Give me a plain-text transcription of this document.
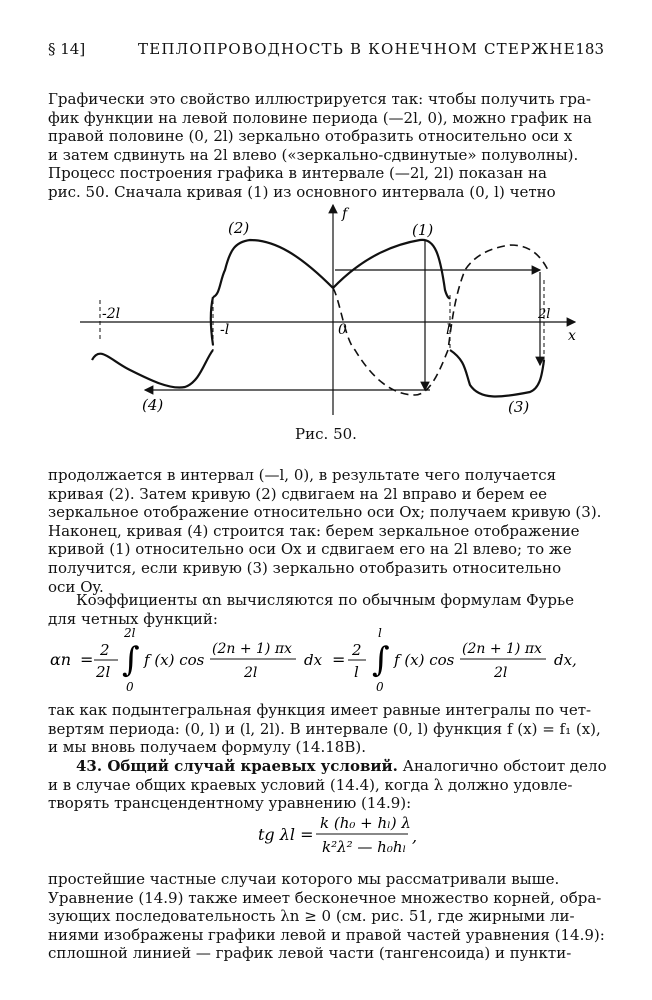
§ 14]	ТЕПЛОПРОВОДНОСТЬ В КОНЕЧНОМ СТЕРЖНЕ 183

Графически это свойство иллюстрируется так: чтобы получить гра-

фик функции на левой половине периода (—2l, 0), можно график на

правой половине (0, 2l) зеркально отобразить относительно оси x

и затем сдвинуть на 2l влево («зеркально-сдвинутые» полуволны).

Процесс построения графика в интервале (—2l, 2l) показан на

рис. 50. Сначала кривая (1) из основного интервала (0, l) четно

x
f
-2l
-l	0	l
2l
(1)
(2)
(3)
(4)
Рис. 50.

продолжается в интервал (—l, 0), в результате чего получается

кривая (2). Затем кривую (2) сдвигаем на 2l вправо и берем ее

зеркальное отображение относительно оси Ox; получаем кривую (3).

Наконец, кривая (4) строится так: берем зеркальное отображение

кривой (1) относительно оси Ox и сдвигаем его на 2l влево; то же

получится, если кривую (3) зеркально отобразить относительно

оси Oy.

Коэффициенты αn вычисляются по обычным формулам Фурье

для четных функций:

αn = 2
2l ∫
2l
0
f (x) cos
(2n + 1) πx
2l
dx = 2
l ∫
l
0
f (x) cos
(2n + 1) πx
2l
dx,

так как подынтегральная функция имеет равные интегралы по чет-

вертям периода: (0, l) и (l, 2l). В интервале (0, l) функция f (x) = f₁ (x),

и мы вновь получаем формулу (14.18B).

43. Общий случай краевых условий. Аналогично обстоит дело

и в случае общих краевых условий (14.4), когда λ должно удовле-

творять трансцендентному уравнению (14.9):

tg λl =
k (h₀ + hₗ) λ
k²λ² — h₀hₗ
,

простейшие частные случаи которого мы рассматривали выше.

Уравнение (14.9) также имеет бесконечное множество корней, обра-

зующих последовательность λn ≥ 0 (см. рис. 51, где жирными ли-

ниями изображены графики левой и правой частей уравнения (14.9):

сплошной линией — график левой части (тангенсоида) и пункти-
